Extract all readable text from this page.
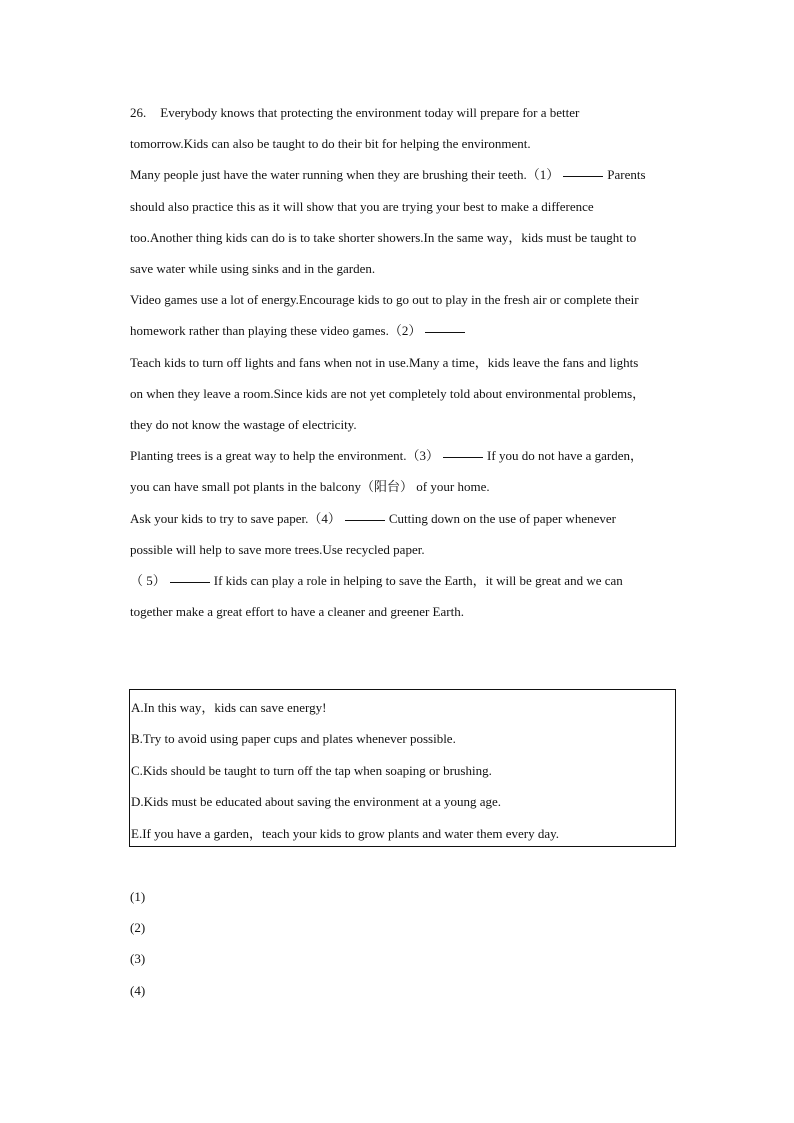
26. Everybody knows that protecting the environment today will prepare for a better

tomorrow.Kids can also be taught to do their bit for helping the environment.

Many people just have the water running when they are brushing their teeth.（1）	Parents

should also practice this as it will show that you are trying your best to make a difference

too.Another thing kids can do is to take shorter showers.In the same way，kids must be taught to

save water while using sinks and in the garden.

Video games use a lot of energy.Encourage kids to go out to play in the fresh air or complete their

homework rather than playing these video games.（2）

Teach kids to turn off lights and fans when not in use.Many a time，kids leave the fans and lights

on when they leave a room.Since kids are not yet completely told about environmental problems，

they do not know the wastage of electricity.

Planting trees is a great way to help the environment.（3）	If you do not have a garden，

you can have small pot plants in the balcony（阳台） of your home.

Ask your kids to try to save paper.（4）	Cutting down on the use of paper whenever

possible will help to save more trees.Use recycled paper.

（ 5）	If kids can play a role in helping to save the Earth，it will be great and we can

together make a great effort to have a cleaner and greener Earth.

A.In this way，kids can save energy!
B.Try to avoid using paper cups and plates whenever possible.
C.Kids should be taught to turn off the tap when soaping or brushing.
D.Kids must be educated about saving the environment at a young age.
E.If you have a garden，teach your kids to grow plants and water them every day.
(1)
(2)
(3)
(4)
